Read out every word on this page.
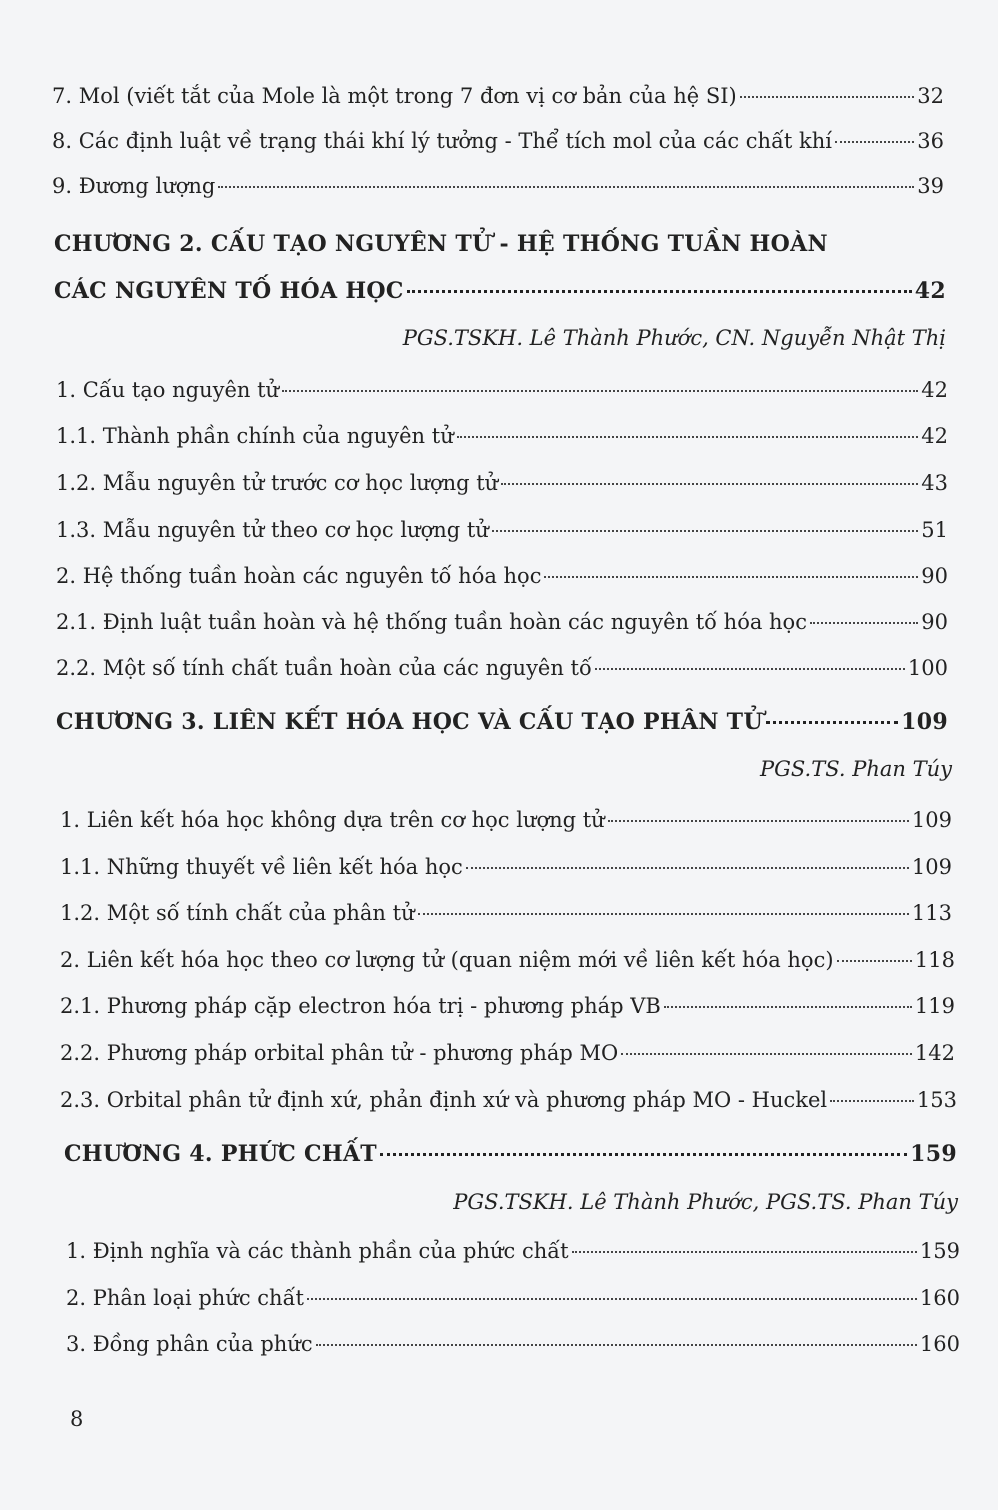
7. Mol (viết tắt của Mole là một trong 7 đơn vị cơ bản của hệ SI)	32
8. Các định luật về trạng thái khí lý tưởng - Thể tích mol của các chất khí	36
9. Đương lượng	39
CHƯƠNG 2. CẤU TẠO NGUYÊN TỬ - HỆ THỐNG TUẦN HOÀN
CÁC NGUYÊN TỐ HÓA HỌC	42
PGS.TSKH. Lê Thành Phước, CN. Nguyễn Nhật Thị
1. Cấu tạo nguyên tử	42
1.1. Thành phần chính của nguyên tử	42
1.2. Mẫu nguyên tử trước cơ học lượng tử	43
1.3. Mẫu nguyên tử theo cơ học lượng tử	51
2. Hệ thống tuần hoàn các nguyên tố hóa học	90
2.1. Định luật tuần hoàn và hệ thống tuần hoàn các nguyên tố hóa học	90
2.2. Một số tính chất tuần hoàn của các nguyên tố	100
CHƯƠNG 3. LIÊN KẾT HÓA HỌC VÀ CẤU TẠO PHÂN TỬ	109
PGS.TS. Phan Túy
1. Liên kết hóa học không dựa trên cơ học lượng tử	109
1.1. Những thuyết về liên kết hóa học	109
1.2. Một số tính chất của phân tử	113
2. Liên kết hóa học theo cơ lượng tử (quan niệm mới về liên kết hóa học)	118
2.1. Phương pháp cặp electron hóa trị - phương pháp VB	119
2.2. Phương pháp orbital phân tử - phương pháp MO	142
2.3. Orbital phân tử định xứ, phản định xứ và phương pháp MO - Huckel	153
CHƯƠNG 4. PHỨC CHẤT	159
PGS.TSKH. Lê Thành Phước, PGS.TS. Phan Túy
1. Định nghĩa và các thành phần của phức chất	159
2. Phân loại phức chất	160
3. Đồng phân của phức	160
8
